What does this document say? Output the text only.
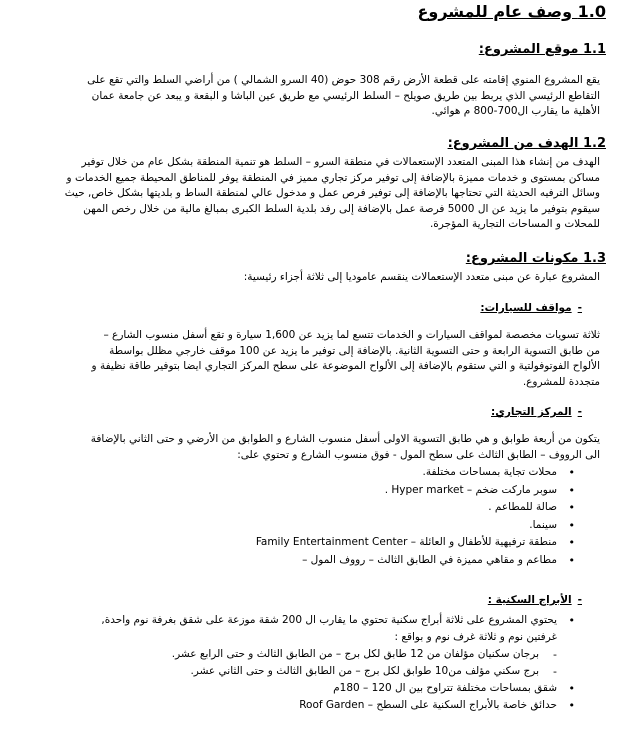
1.0 وصف عام للمشروع
1.1 موقع المشروع:
يقع المشروع المنوي إقامته على قطعة الأرض رقم 308 حوض (40 السرو الشمالي ) من أراضي السلط والتي تقع على
التقاطع الرئيسي الذي يربط بين طريق صويلح – السلط الرئيسي مع طريق عين الباشا و البقعة و يبعد عن جامعة عمان
الأهلية ما يقارب ال700-800 م هوائي.
1.2 الهدف من المشروع:
الهدف من إنشاء هذا المبنى المتعدد الإستعمالات في منطقة السرو – السلط هو تنمية المنطقة بشكل عام من خلال توفير
مساكن بمستوى و خدمات مميزة بالإضافة إلى توفير مركز تجاري مميز في المنطقة يوفر للمناطق المحيطة جميع الخدمات و
وسائل الترفيه الحديثة التي تحتاجها بالإضافة إلى توفير فرص عمل و مدخول عالي لمنطقة الساط و بلديتها بشكل خاص, حيث
سيقوم بتوفير ما يزيد عن ال 5000 فرصة عمل بالإضافة إلى رفد بلدية السلط الكبرى بمبالغ مالية من خلال رخص المهن
للمحلات و المساحات التجارية المؤجرة.
1.3 مكونات المشروع:
المشروع عبارة عن مبنى متعدد الإستعمالات ينقسم عاموديا إلى ثلاثة أجزاء رئيسية:
-مواقف للسيارات:
ثلاثة تسويات مخصصة لمواقف السيارات و الخدمات تتسع لما يزيد عن 1,600 سيارة و تقع أسفل منسوب الشارع –
من طابق التسوية الرابعة و حتى التسوية الثانية. بالإضافة إلى توفير ما يزيد عن 100 موقف خارجي مظلل بواسطة
الألواح الفوتوفولتية و التي ستقوم بالإضافة إلى الألواح الموضوعة على سطح المركز التجاري ايضا بتوفير طاقة نظيفة و
متجددة للمشروع.
-المركز التجاري:
يتكون من أربعة طوابق و هي طابق التسوية الاولى أسفل منسوب الشارع و الطوابق من الأرضي و حتى الثاني بالإضافة
الى الرووف – الطابق الثالث على سطح المول - فوق منسوب الشارع و تحتوي على:
•
محلات تجاية بمساحات مختلفة.
•
سوبر ماركت ضخم – Hyper market .
•
صالة للمطاعم .
•
سينما.
•
منطقة ترفيهية للأطفال و العائلة – Family Entertainment Center
•
مطاعم و مقاهي مميزة في الطابق الثالث – رووف المول –
-الأبراج السكنية :
•
يحتوي المشروع على ثلاثة أبراج سكنية تحتوي ما يقارب ال 200 شقة موزعة على شقق بغرفة نوم واحدة,
غرفتين نوم و ثلاثة غرف نوم و بواقع :
-
برجان سكنيان مؤلفان من 12 طابق لكل برج – من الطابق الثالث و حتى الرابع عشر.
-
برج سكني مؤلف من10 طوابق لكل برج – من الطابق الثالث و حتى الثاني عشر.
•
شقق بمساحات مختلفة تتراوح بين ال 120 – 180م
•
حدائق خاصة بالأبراج السكنية على السطح – Roof Garden
